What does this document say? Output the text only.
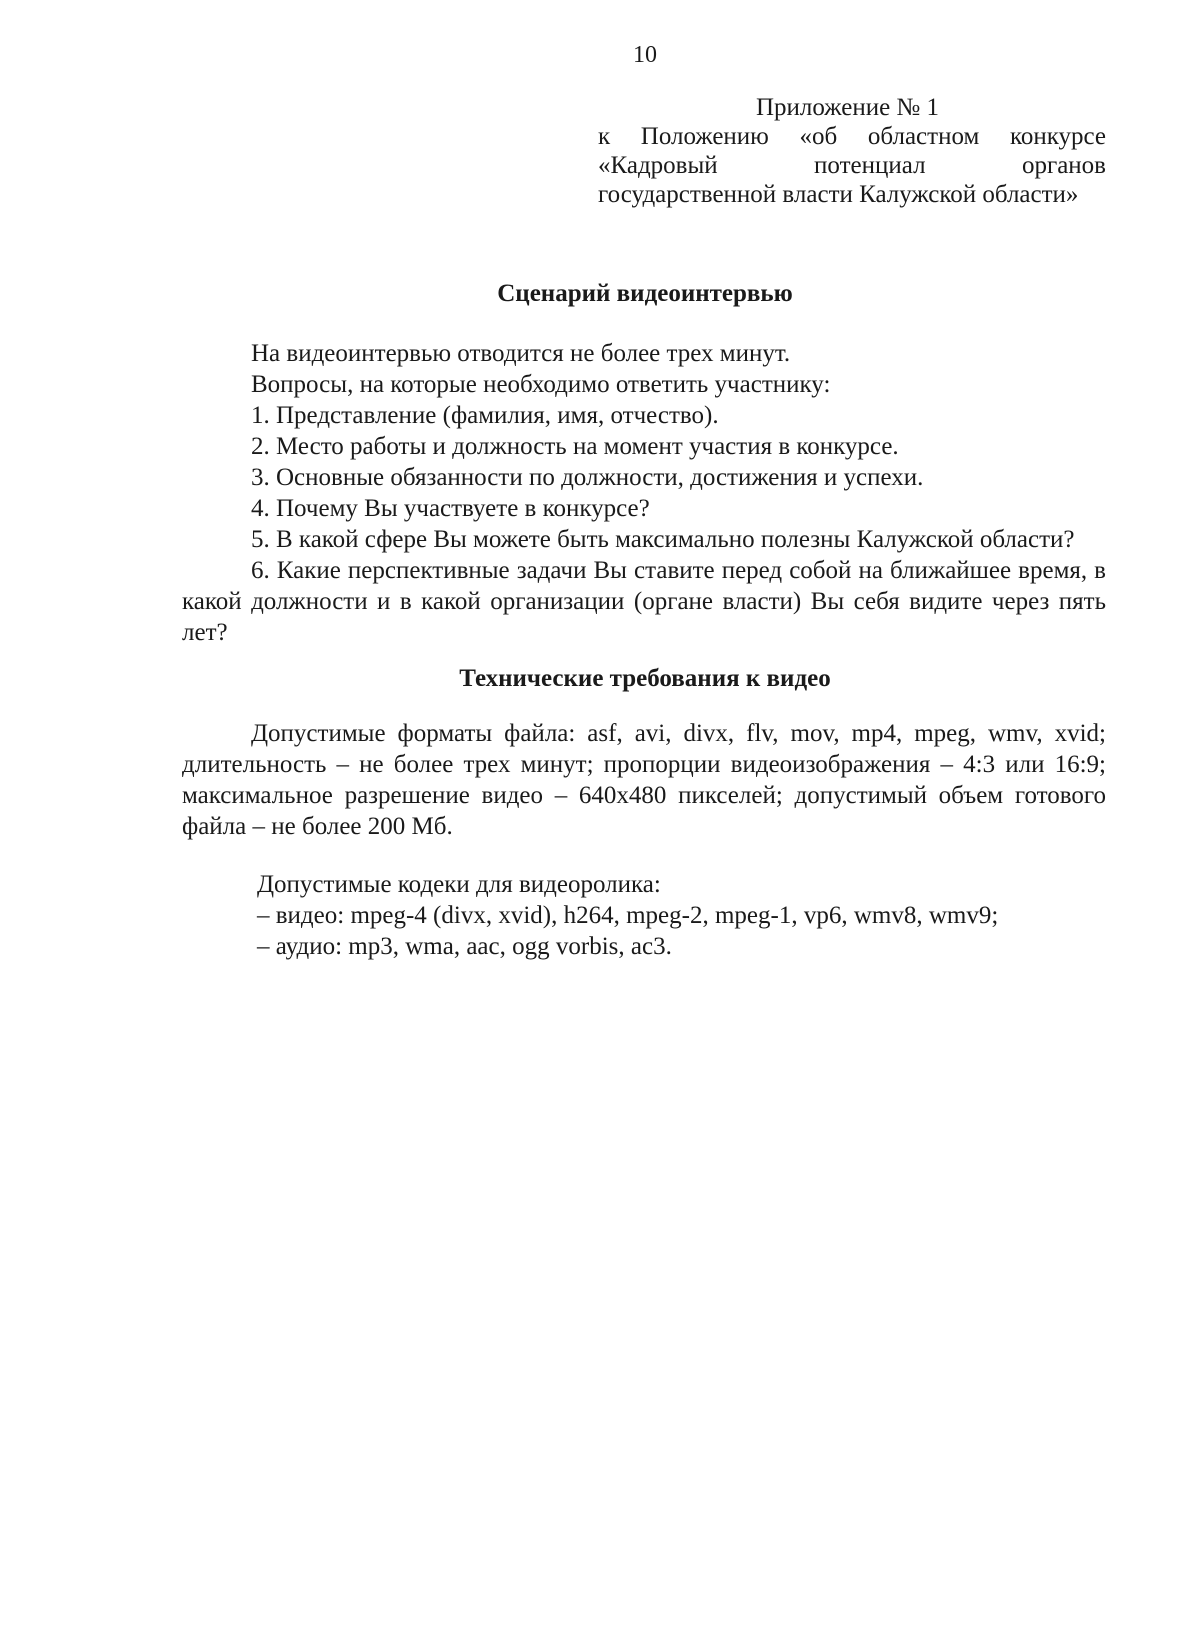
10
Приложение № 1
к Положению «об областном конкурсе «Кадровый потенциал органов государственной власти Калужской области»
Сценарий видеоинтервью
На видеоинтервью отводится не более трех минут.
Вопросы, на которые необходимо ответить участнику:
1. Представление (фамилия, имя, отчество).
2. Место работы и должность на момент участия в конкурсе.
3. Основные обязанности по должности, достижения и успехи.
4. Почему Вы участвуете в конкурсе?
5. В какой сфере Вы можете быть максимально полезны Калужской области?
6. Какие перспективные задачи Вы ставите перед собой на ближайшее время, в какой должности и в какой организации (органе власти) Вы себя видите через пять лет?
Технические требования к видео
Допустимые форматы файла: asf, avi, divx, flv, mov, mp4, mpeg, wmv, xvid; длительность – не более трех минут; пропорции видеоизображения – 4:3 или 16:9; максимальное разрешение видео – 640x480 пикселей; допустимый объем готового файла – не более 200 Мб.
Допустимые кодеки для видеоролика:
– видео: mpeg-4 (divx, xvid), h264, mpeg-2, mpeg-1, vp6, wmv8, wmv9;
– аудио: mp3, wma, aac, ogg vorbis, ac3.
